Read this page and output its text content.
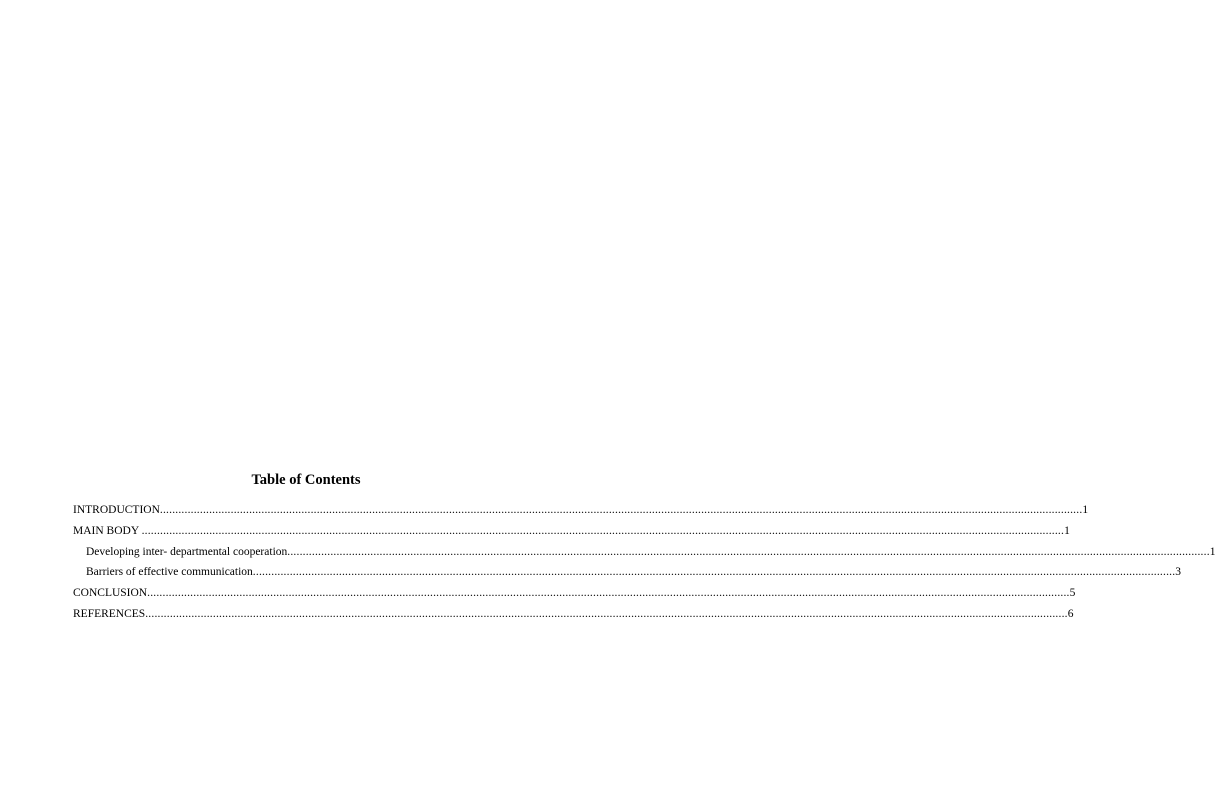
Table of Contents
INTRODUCTION ............................................................................................................................................................................................................................................................................................................ 1
MAIN BODY ............................................................................................................................................................................................................................................................................................................ 1
Developing inter- departmental cooperation ............................................................................................................................................................................................................................................................................................................ 1
Barriers of effective communication ............................................................................................................................................................................................................................................................................................................ 3
CONCLUSION ............................................................................................................................................................................................................................................................................................................ 5
REFERENCES ............................................................................................................................................................................................................................................................................................................ 6
